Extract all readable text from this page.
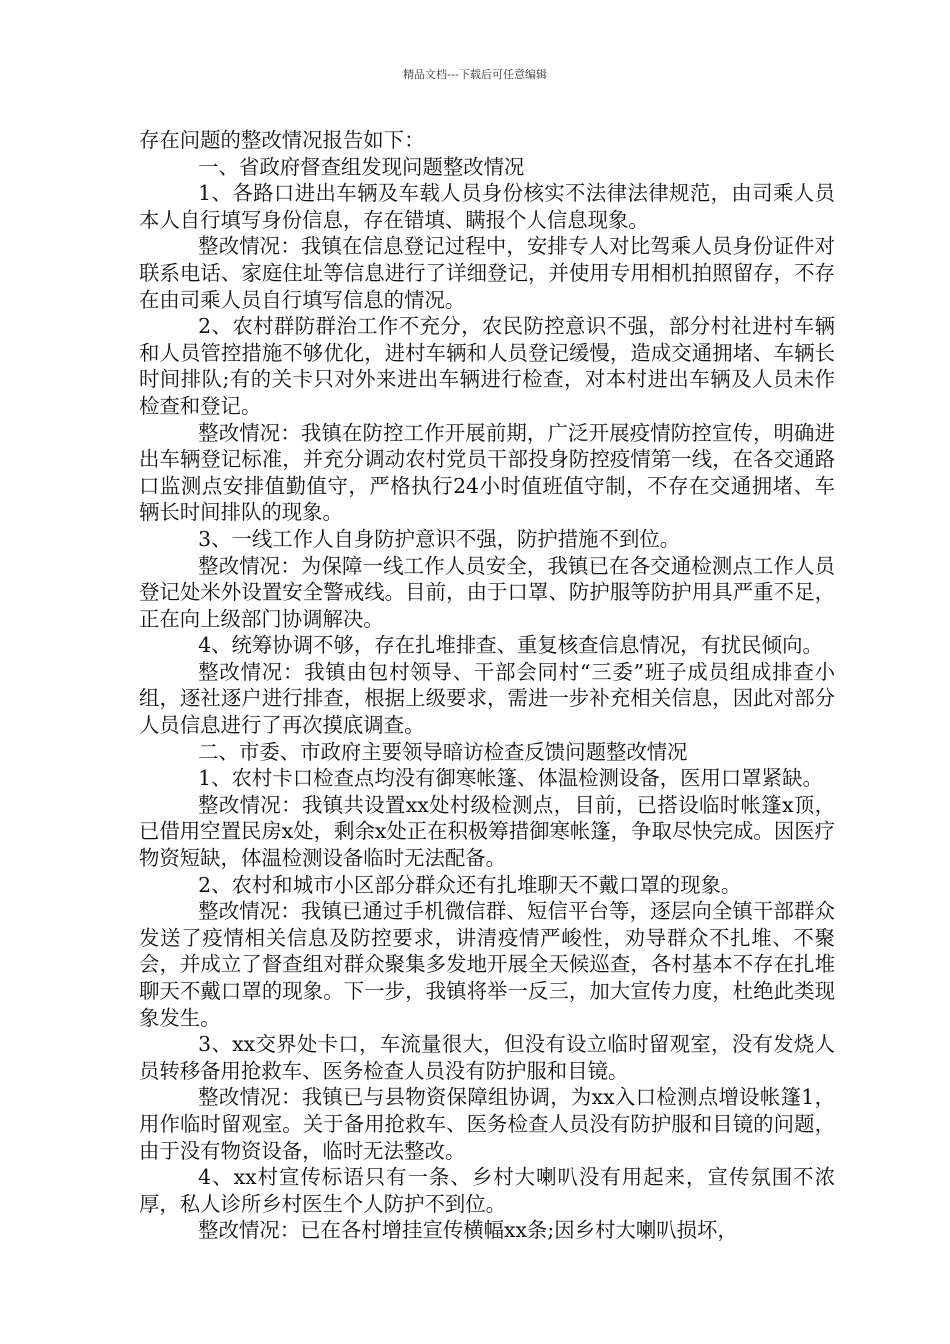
精品文档---下载后可任意编辑

存在问题的整改情况报告如下：

一、省政府督查组发现问题整改情况

1、各路口进出车辆及车载人员身份核实不法律法律规范，由司乘人员本人自行填写身份信息，存在错填、瞒报个人信息现象。

整改情况：我镇在信息登记过程中，安排专人对比驾乘人员身份证件对联系电话、家庭住址等信息进行了详细登记，并使用专用相机拍照留存，不存在由司乘人员自行填写信息的情况。

2、农村群防群治工作不充分，农民防控意识不强，部分村社进村车辆和人员管控措施不够优化，进村车辆和人员登记缓慢，造成交通拥堵、车辆长时间排队;有的关卡只对外来进出车辆进行检查，对本村进出车辆及人员未作检查和登记。

整改情况：我镇在防控工作开展前期，广泛开展疫情防控宣传，明确进出车辆登记标准，并充分调动农村党员干部投身防控疫情第一线，在各交通路口监测点安排值勤值守，严格执行24小时值班值守制，不存在交通拥堵、车辆长时间排队的现象。

3、一线工作人自身防护意识不强，防护措施不到位。

整改情况：为保障一线工作人员安全，我镇已在各交通检测点工作人员登记处米外设置安全警戒线。目前，由于口罩、防护服等防护用具严重不足，正在向上级部门协调解决。

4、统筹协调不够，存在扎堆排查、重复核查信息情况，有扰民倾向。

整改情况：我镇由包村领导、干部会同村“三委”班子成员组成排查小组，逐社逐户进行排查，根据上级要求，需进一步补充相关信息，因此对部分人员信息进行了再次摸底调查。

二、市委、市政府主要领导暗访检查反馈问题整改情况

1、农村卡口检查点均没有御寒帐篷、体温检测设备，医用口罩紧缺。

整改情况：我镇共设置xx处村级检测点，目前，已搭设临时帐篷x顶，已借用空置民房x处，剩余x处正在积极筹措御寒帐篷，争取尽快完成。因医疗物资短缺，体温检测设备临时无法配备。

2、农村和城市小区部分群众还有扎堆聊天不戴口罩的现象。

整改情况：我镇已通过手机微信群、短信平台等，逐层向全镇干部群众发送了疫情相关信息及防控要求，讲清疫情严峻性，劝导群众不扎堆、不聚会，并成立了督查组对群众聚集多发地开展全天候巡查，各村基本不存在扎堆聊天不戴口罩的现象。下一步，我镇将举一反三，加大宣传力度，杜绝此类现象发生。

3、xx交界处卡口，车流量很大，但没有设立临时留观室，没有发烧人员转移备用抢救车、医务检查人员没有防护服和目镜。

整改情况：我镇已与县物资保障组协调，为xx入口检测点增设帐篷1，用作临时留观室。关于备用抢救车、医务检查人员没有防护服和目镜的问题，由于没有物资设备，临时无法整改。

4、xx村宣传标语只有一条、乡村大喇叭没有用起来，宣传氛围不浓厚，私人诊所乡村医生个人防护不到位。

整改情况：已在各村增挂宣传横幅xx条;因乡村大喇叭损坏，
